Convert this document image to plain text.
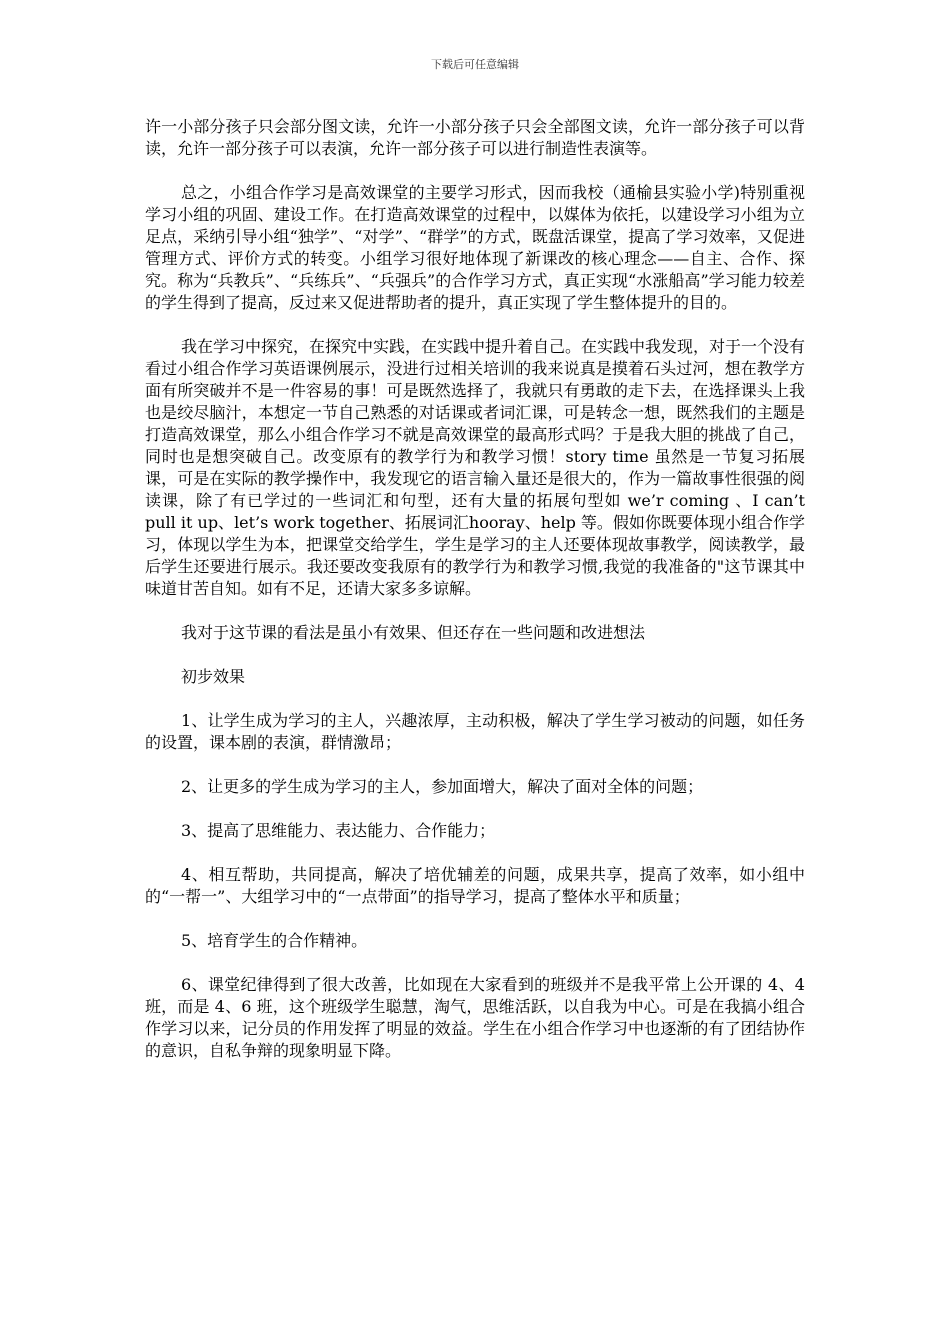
下载后可任意编辑

许一小部分孩子只会部分图文读，允许一小部分孩子只会全部图文读，允许一部分孩子可以背读，允许一部分孩子可以表演，允许一部分孩子可以进行制造性表演等。

总之，小组合作学习是高效课堂的主要学习形式，因而我校（通榆县实验小学)特别重视学习小组的巩固、建设工作。在打造高效课堂的过程中，以媒体为依托，以建设学习小组为立足点，采纳引导小组“独学”、“对学”、“群学”的方式，既盘活课堂，提高了学习效率，又促进管理方式、评价方式的转变。小组学习很好地体现了新课改的核心理念——自主、合作、探究。称为“兵教兵”、“兵练兵”、“兵强兵”的合作学习方式，真正实现“水涨船高”学习能力较差的学生得到了提高，反过来又促进帮助者的提升，真正实现了学生整体提升的目的。

我在学习中探究，在探究中实践，在实践中提升着自己。在实践中我发现，对于一个没有看过小组合作学习英语课例展示，没进行过相关培训的我来说真是摸着石头过河，想在教学方面有所突破并不是一件容易的事！可是既然选择了，我就只有勇敢的走下去，在选择课头上我也是绞尽脑汁，本想定一节自己熟悉的对话课或者词汇课，可是转念一想，既然我们的主题是打造高效课堂，那么小组合作学习不就是高效课堂的最高形式吗？于是我大胆的挑战了自己，同时也是想突破自己。改变原有的教学行为和教学习惯！story time 虽然是一节复习拓展课，可是在实际的教学操作中，我发现它的语言输入量还是很大的，作为一篇故事性很强的阅读课，除了有已学过的一些词汇和句型，还有大量的拓展句型如 we’r coming 、I can’t pull it up、let’s work together、拓展词汇hooray、help 等。假如你既要体现小组合作学习，体现以学生为本，把课堂交给学生，学生是学习的主人还要体现故事教学，阅读教学，最后学生还要进行展示。我还要改变我原有的教学行为和教学习惯,我觉的我准备的"这节课其中味道甘苦自知。如有不足，还请大家多多谅解。

我对于这节课的看法是虽小有效果、但还存在一些问题和改进想法

初步效果

1、让学生成为学习的主人，兴趣浓厚，主动积极，解决了学生学习被动的问题，如任务的设置，课本剧的表演，群情激昂；

2、让更多的学生成为学习的主人，参加面增大，解决了面对全体的问题；

3、提高了思维能力、表达能力、合作能力；

4、相互帮助，共同提高，解决了培优辅差的问题，成果共享，提高了效率，如小组中的“一帮一”、大组学习中的“一点带面”的指导学习，提高了整体水平和质量；

5、培育学生的合作精神。

6、课堂纪律得到了很大改善，比如现在大家看到的班级并不是我平常上公开课的 4、4 班，而是 4、6 班，这个班级学生聪慧，淘气，思维活跃，以自我为中心。可是在我搞小组合作学习以来，记分员的作用发挥了明显的效益。学生在小组合作学习中也逐渐的有了团结协作的意识，自私争辩的现象明显下降。
